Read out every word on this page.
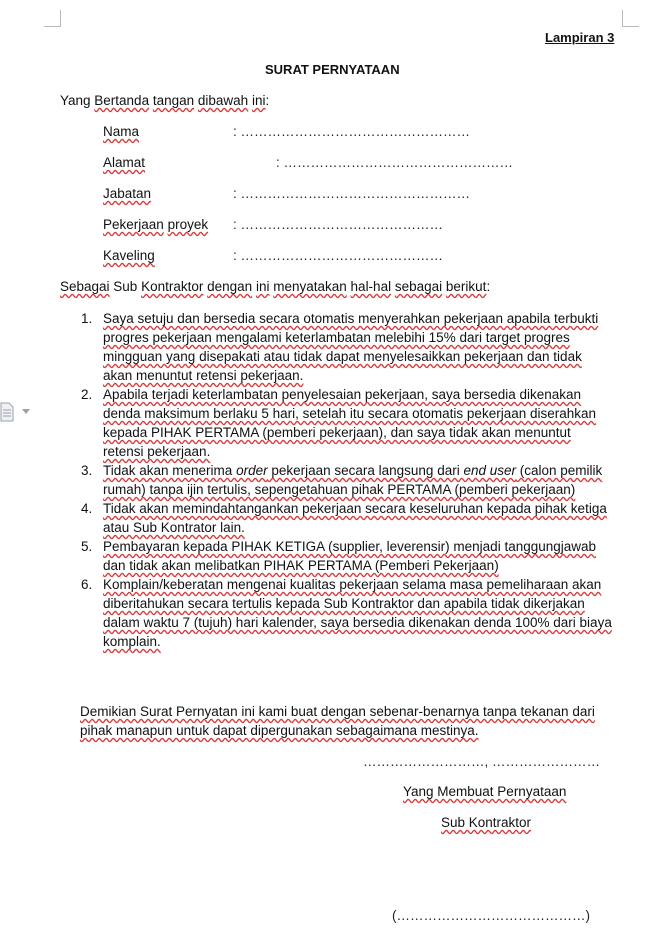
Lampiran 3
SURAT PERNYATAAN
Yang Bertanda tangan dibawah ini:
Nama	: ……………………………………………
Alamat	: ……………………………………………
Jabatan	: ……………………………………………
Pekerjaan proyek : ………………………………………
Kaveling	: ………………………………………
Sebagai Sub Kontraktor dengan ini menyatakan hal-hal sebagai berikut:
1. Saya setuju dan bersedia secara otomatis menyerahkan pekerjaan apabila terbukti progres pekerjaan mengalami keterlambatan melebihi 15% dari target progres mingguan yang disepakati atau tidak dapat menyelesaikkan pekerjaan dan tidak akan menuntut retensi pekerjaan.
2. Apabila terjadi keterlambatan penyelesaian pekerjaan, saya bersedia dikenakan denda maksimum berlaku 5 hari, setelah itu secara otomatis pekerjaan diserahkan kepada PIHAK PERTAMA (pemberi pekerjaan), dan saya tidak akan menuntut retensi pekerjaan.
3. Tidak akan menerima order pekerjaan secara langsung dari end user (calon pemilik rumah) tanpa ijin tertulis, sepengetahuan pihak PERTAMA (pemberi pekerjaan)
4. Tidak akan memindahtangankan pekerjaan secara keseluruhan kepada pihak ketiga atau Sub Kontrator lain.
5. Pembayaran kepada PIHAK KETIGA (supplier, leverensir) menjadi tanggungjawab dan tidak akan melibatkan PIHAK PERTAMA (Pemberi Pekerjaan)
6. Komplain/keberatan mengenai kualitas pekerjaan selama masa pemeliharaan akan diberitahukan secara tertulis kepada Sub Kontraktor dan apabila tidak dikerjakan dalam waktu 7 (tujuh) hari kalender, saya bersedia dikenakan denda 100% dari biaya komplain.
Demikian Surat Pernyatan ini kami buat dengan sebenar-benarnya tanpa tekanan dari pihak manapun untuk dapat dipergunakan sebagaimana mestinya.
………………………, ……………………
Yang Membuat Pernyataan
Sub Kontraktor
(……………………………………)
